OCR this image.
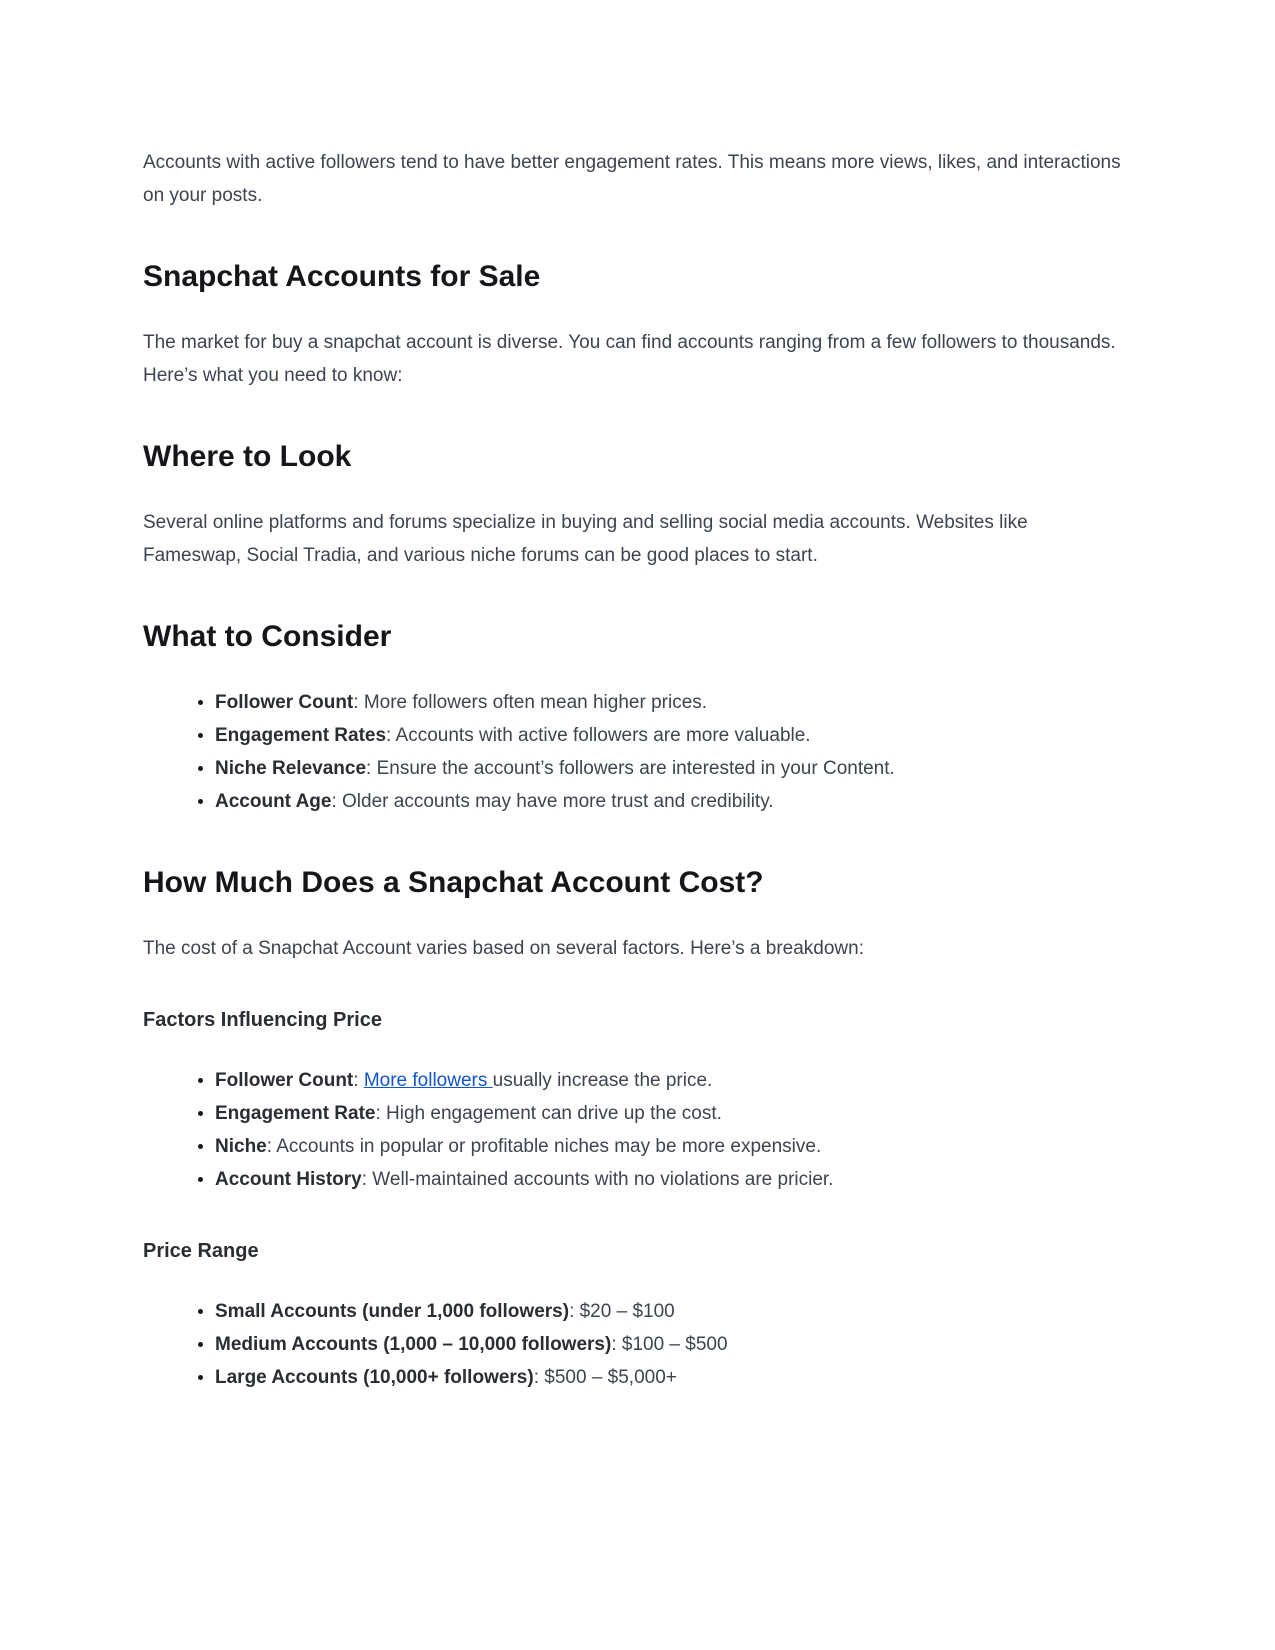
Accounts with active followers tend to have better engagement rates. This means more views, likes, and interactions on your posts.

Snapchat Accounts for Sale

The market for buy a snapchat account is diverse. You can find accounts ranging from a few followers to thousands. Here’s what you need to know:

Where to Look

Several online platforms and forums specialize in buying and selling social media accounts. Websites like Fameswap, Social Tradia, and various niche forums can be good places to start.

What to Consider
• Follower Count: More followers often mean higher prices.
• Engagement Rates: Accounts with active followers are more valuable.
• Niche Relevance: Ensure the account’s followers are interested in your Content.
• Account Age: Older accounts may have more trust and credibility.
How Much Does a Snapchat Account Cost?

The cost of a Snapchat Account varies based on several factors. Here’s a breakdown:

Factors Influencing Price
• Follower Count: More followers usually increase the price.
• Engagement Rate: High engagement can drive up the cost.
• Niche: Accounts in popular or profitable niches may be more expensive.
• Account History: Well-maintained accounts with no violations are pricier.
Price Range
• Small Accounts (under 1,000 followers): $20 – $100
• Medium Accounts (1,000 – 10,000 followers): $100 – $500
• Large Accounts (10,000+ followers): $500 – $5,000+
